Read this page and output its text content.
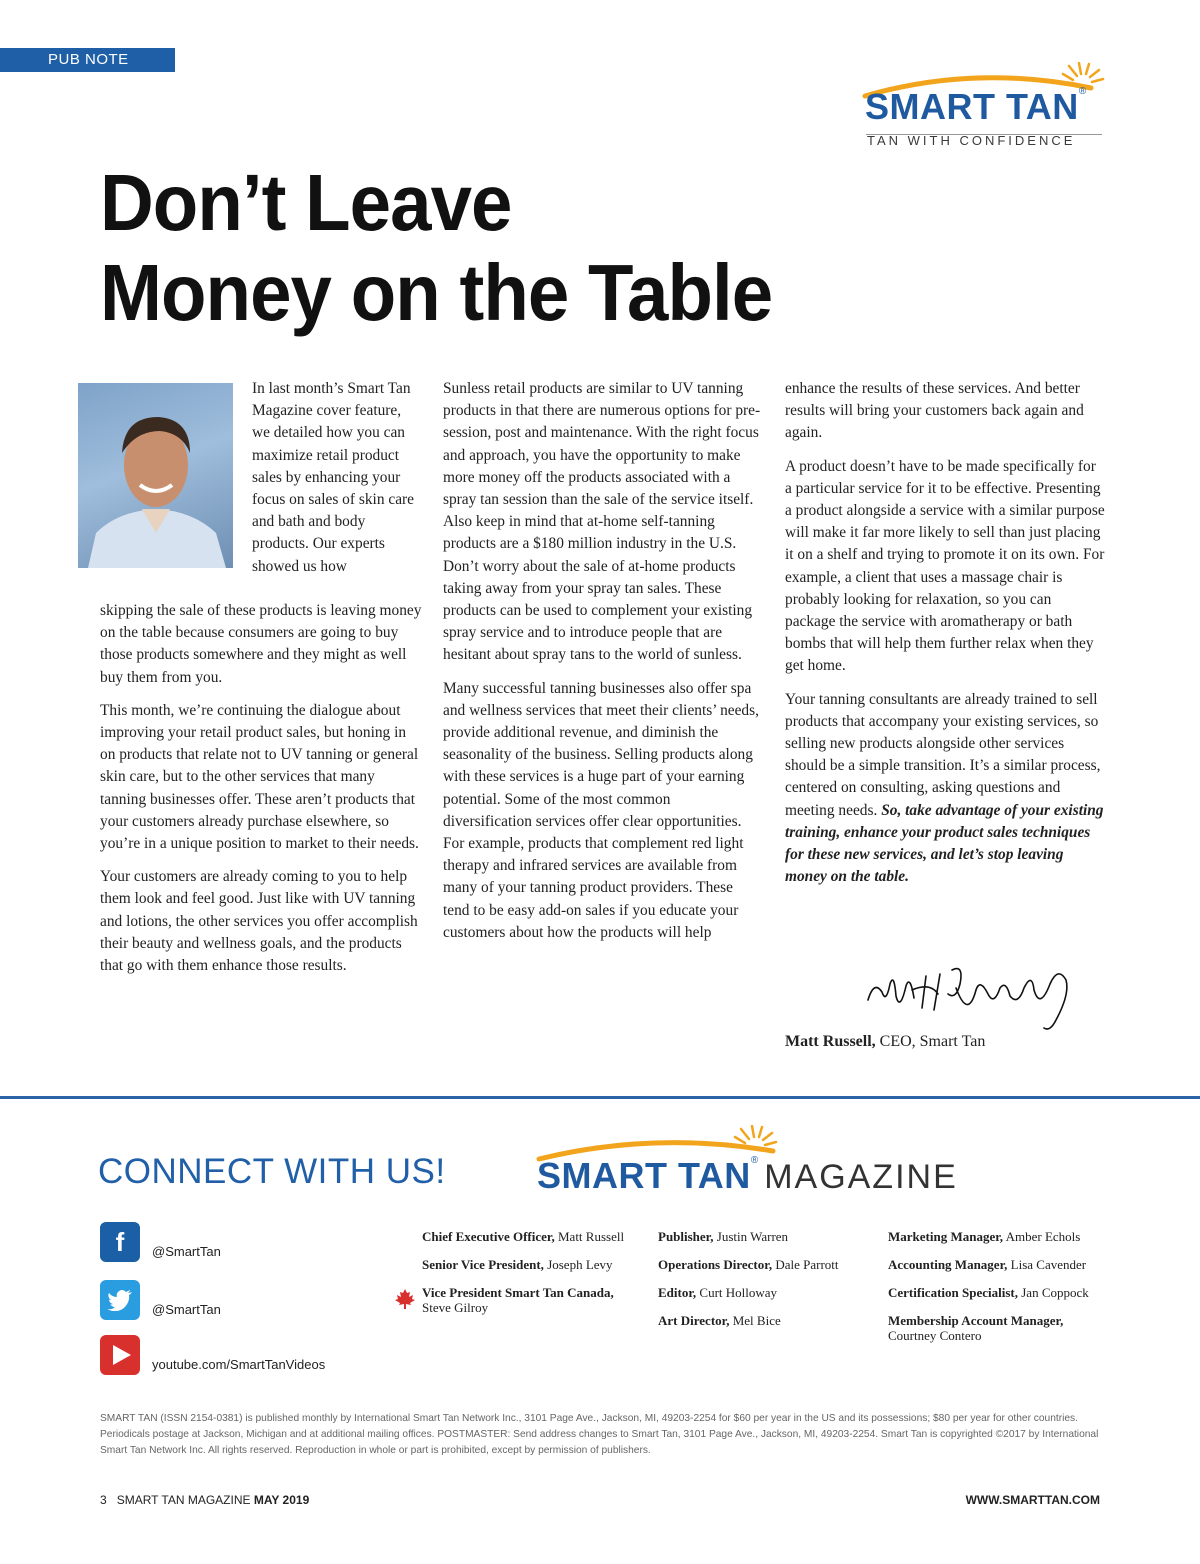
PUB NOTE
SMART TAN®
TAN WITH CONFIDENCE
Don’t Leave
Money on the Table
In last month’s Smart Tan Magazine cover feature, we detailed how you can maximize retail product sales by enhancing your focus on sales of skin care and bath and body products. Our experts showed us how

skipping the sale of these products is leaving money on the table because consumers are going to buy those products somewhere and they might as well buy them from you.

This month, we’re continuing the dialogue about improving your retail product sales, but honing in on products that relate not to UV tanning or general skin care, but to the other services that many tanning businesses offer. These aren’t products that your customers already purchase elsewhere, so you’re in a unique position to market to their needs.

Your customers are already coming to you to help them look and feel good. Just like with UV tanning and lotions, the other services you offer accomplish their beauty and wellness goals, and the products that go with them enhance those results.

Sunless retail products are similar to UV tanning products in that there are numerous options for pre-session, post and maintenance. With the right focus and approach, you have the opportunity to make more money off the products associated with a spray tan session than the sale of the service itself. Also keep in mind that at-home self-tanning products are a $180 million industry in the U.S. Don’t worry about the sale of at-home products taking away from your spray tan sales. These products can be used to complement your existing spray service and to introduce people that are hesitant about spray tans to the world of sunless.

Many successful tanning businesses also offer spa and wellness services that meet their clients’ needs, provide additional revenue, and diminish the seasonality of the business. Selling products along with these services is a huge part of your earning potential. Some of the most common diversification services offer clear opportunities. For example, products that complement red light therapy and infrared services are available from many of your tanning product providers. These tend to be easy add-on sales if you educate your customers about how the products will help

enhance the results of these services. And better results will bring your customers back again and again.

A product doesn’t have to be made specifically for a particular service for it to be effective. Presenting a product alongside a service with a similar purpose will make it far more likely to sell than just placing it on a shelf and trying to promote it on its own. For example, a client that uses a massage chair is probably looking for relaxation, so you can package the service with aromatherapy or bath bombs that will help them further relax when they get home.

Your tanning consultants are already trained to sell products that accompany your existing services, so selling new products alongside other services should be a simple transition. It’s a similar process, centered on consulting, asking questions and meeting needs. So, take advantage of your existing training, enhance your product sales techniques for these new services, and let’s stop leaving money on the table.

Matt Russell, CEO, Smart Tan
CONNECT WITH US!	SMART TAN® MAGAZINE
f	@SmartTan
@SmartTan
youtube.com/SmartTanVideos
Chief Executive Officer, Matt Russell
Senior Vice President, Joseph Levy
Vice President Smart Tan Canada,
Steve Gilroy
Publisher, Justin Warren
Operations Director, Dale Parrott
Editor, Curt Holloway
Art Director, Mel Bice
Marketing Manager, Amber Echols
Accounting Manager, Lisa Cavender
Certification Specialist, Jan Coppock
Membership Account Manager,
Courtney Contero
SMART TAN (ISSN 2154-0381) is published monthly by International Smart Tan Network Inc., 3101 Page Ave., Jackson, MI, 49203-2254 for $60 per year in the US and its possessions; $80 per year for other countries. Periodicals postage at Jackson, Michigan and at additional mailing offices. POSTMASTER: Send address changes to Smart Tan, 3101 Page Ave., Jackson, MI, 49203-2254. Smart Tan is copyrighted ©2017 by International Smart Tan Network Inc. All rights reserved. Reproduction in whole or part is prohibited, except by permission of publishers.
3 SMART TAN MAGAZINE MAY 2019	WWW.SMARTTAN.COM
